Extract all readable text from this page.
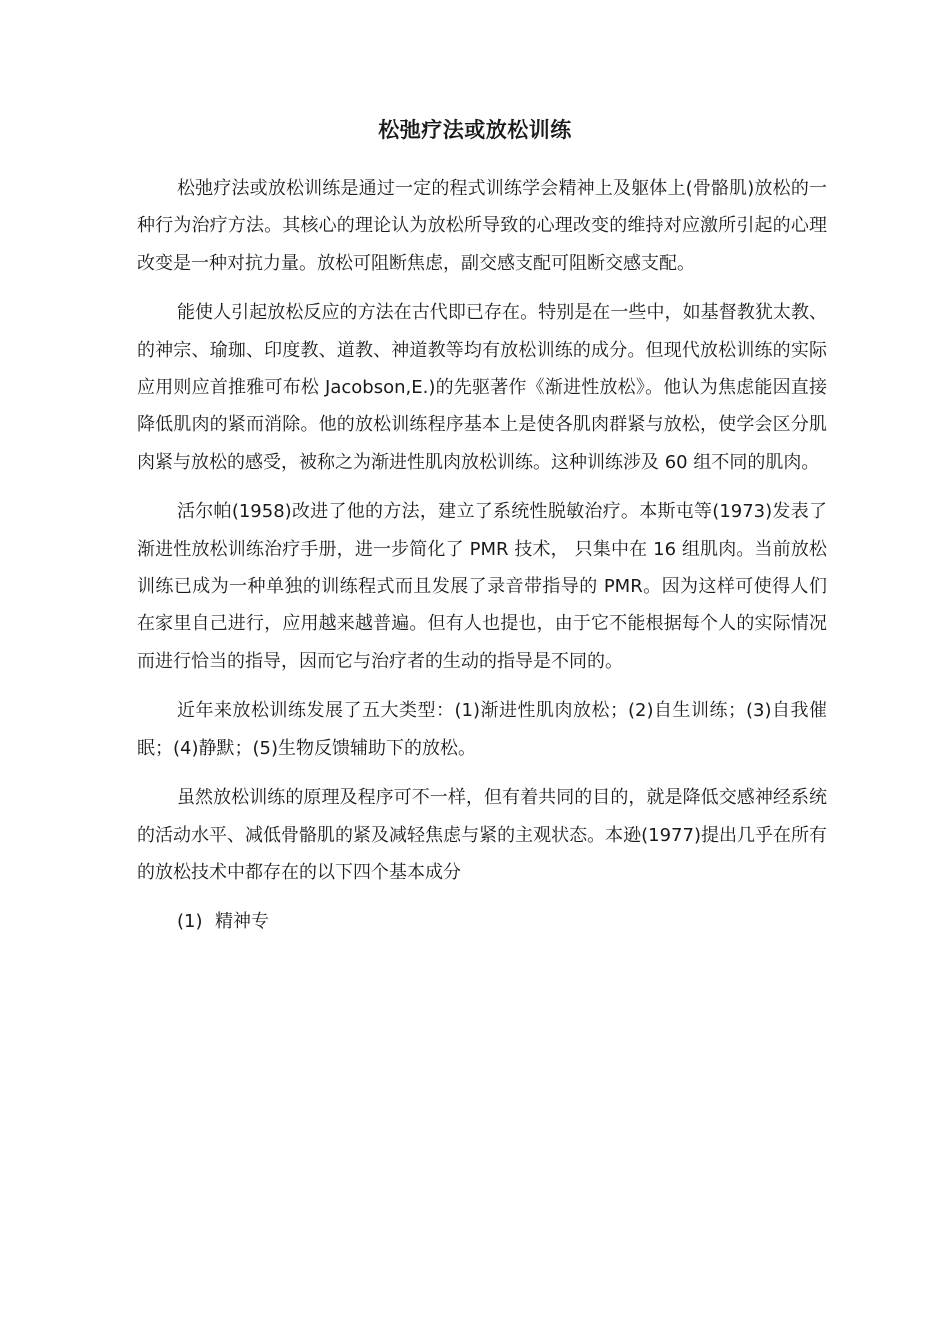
松弛疗法或放松训练

松弛疗法或放松训练是通过一定的程式训练学会精神上及躯体上(骨骼肌)放松的一种行为治疗方法。其核心的理论认为放松所导致的心理改变的维持对应激所引起的心理改变是一种对抗力量。放松可阻断焦虑，副交感支配可阻断交感支配。

能使人引起放松反应的方法在古代即已存在。特别是在一些中，如基督教犹太教、的神宗、瑜珈、印度教、道教、神道教等均有放松训练的成分。但现代放松训练的实际应用则应首推雅可布松 Jacobson,E.)的先驱著作《渐进性放松》。他认为焦虑能因直接降低肌肉的紧而消除。他的放松训练程序基本上是使各肌肉群紧与放松，使学会区分肌肉紧与放松的感受，被称之为渐进性肌肉放松训练。这种训练涉及 60 组不同的肌肉。

活尔帕(1958)改进了他的方法，建立了系统性脱敏治疗。本斯屯等(1973)发表了渐进性放松训练治疗手册，进一步简化了 PMR 技术， 只集中在 16 组肌肉。当前放松训练已成为一种单独的训练程式而且发展了录音带指导的 PMR。因为这样可使得人们在家里自己进行，应用越来越普遍。但有人也提也，由于它不能根据每个人的实际情况而进行恰当的指导，因而它与治疗者的生动的指导是不同的。

近年来放松训练发展了五大类型：(1)渐进性肌肉放松；(2)自生训练；(3)自我催眠；(4)静默；(5)生物反馈辅助下的放松。

虽然放松训练的原理及程序可不一样，但有着共同的目的，就是降低交感神经系统的活动水平、减低骨骼肌的紧及减轻焦虑与紧的主观状态。本逊(1977)提出几乎在所有的放松技术中都存在的以下四个基本成分

(1) 精神专
